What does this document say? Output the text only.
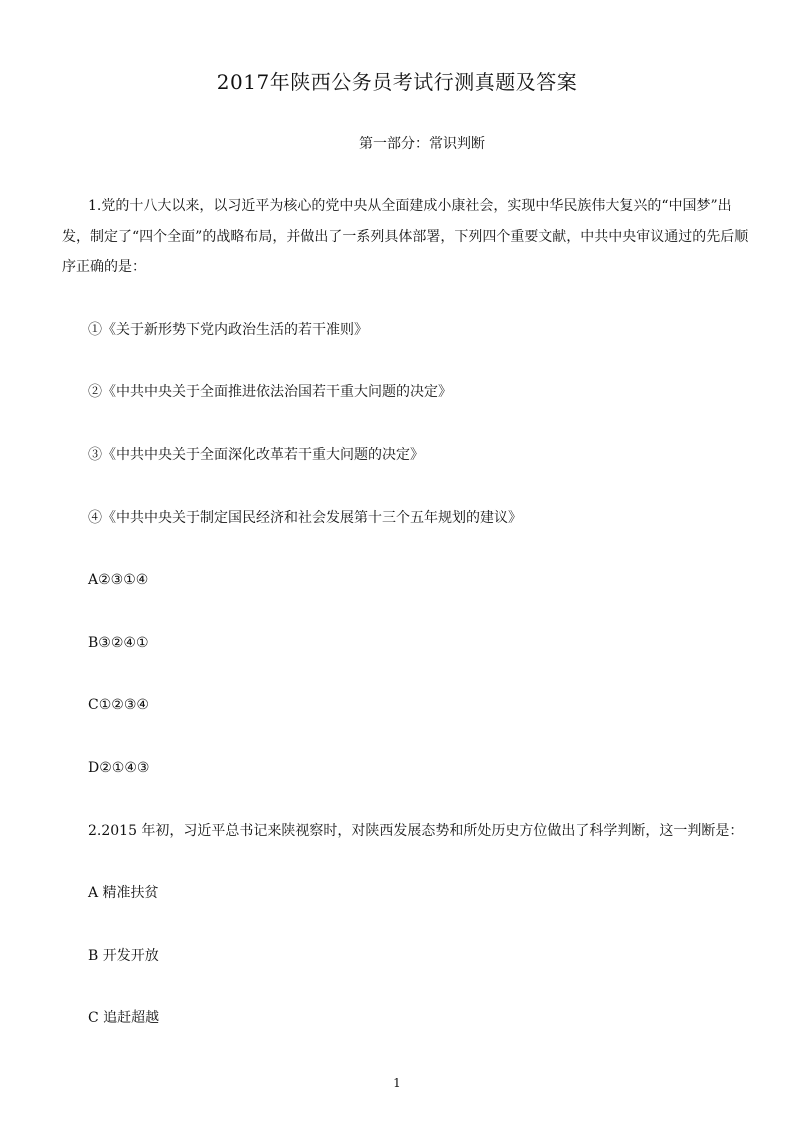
2017年陕西公务员考试行测真题及答案
第一部分：常识判断
1.党的十八大以来，以习近平为核心的党中央从全面建成小康社会，实现中华民族伟大复兴的“中国梦”出发，制定了“四个全面”的战略布局，并做出了一系列具体部署，下列四个重要文献，中共中央审议通过的先后顺序正确的是：
①《关于新形势下党内政治生活的若干准则》
②《中共中央关于全面推进依法治国若干重大问题的决定》
③《中共中央关于全面深化改革若干重大问题的决定》
④《中共中央关于制定国民经济和社会发展第十三个五年规划的建议》
A②③①④
B③②④①
C①②③④
D②①④③
2.2015 年初，习近平总书记来陕视察时，对陕西发展态势和所处历史方位做出了科学判断，这一判断是：
A 精准扶贫
B 开发开放
C 追赶超越
1
